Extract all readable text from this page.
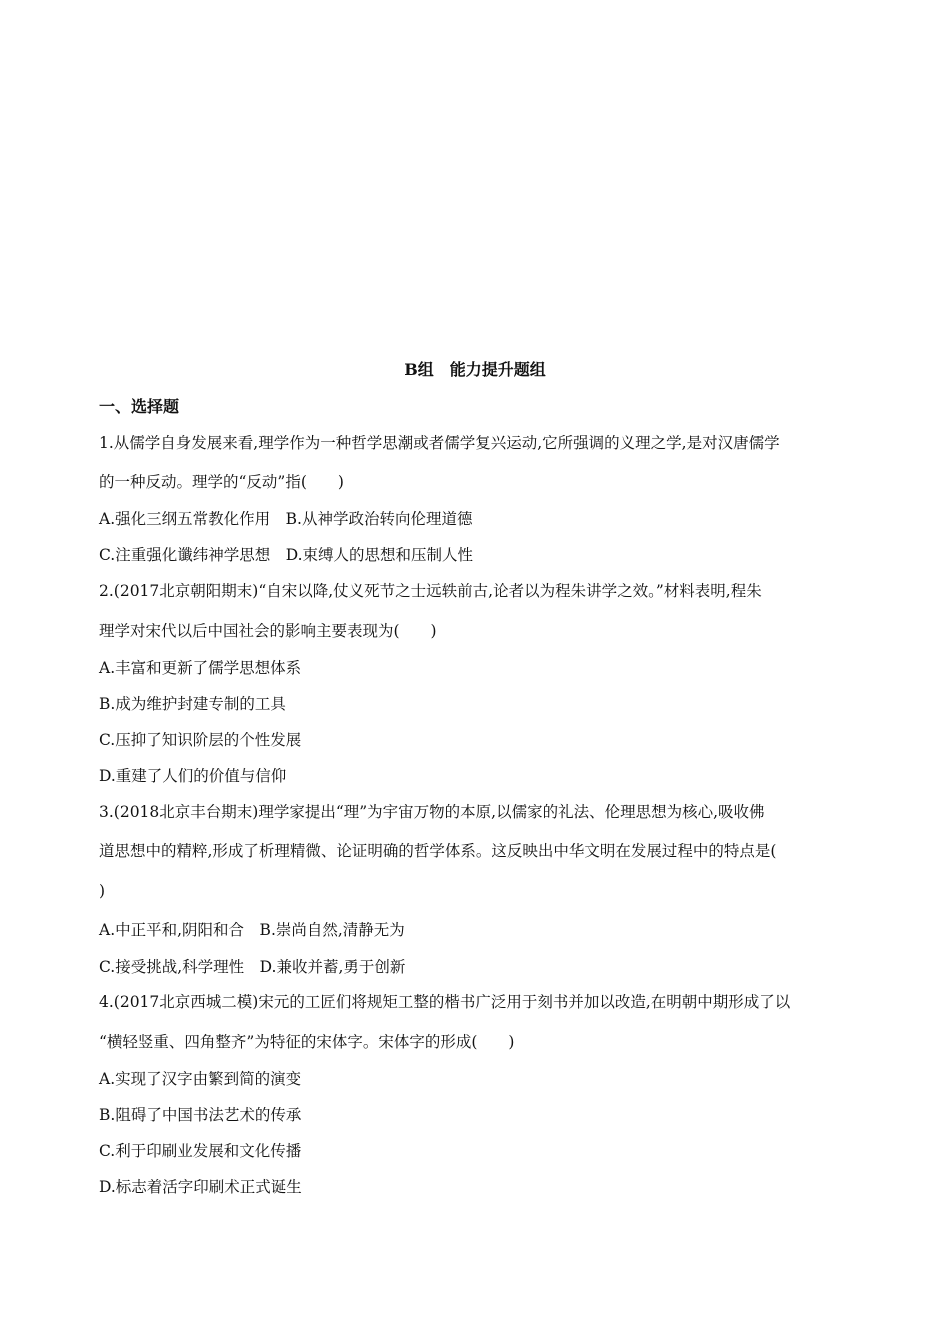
B组　能力提升题组
一、选择题
1.从儒学自身发展来看,理学作为一种哲学思潮或者儒学复兴运动,它所强调的义理之学,是对汉唐儒学
的一种反动。理学的“反动”指(　　)
A.强化三纲五常教化作用　B.从神学政治转向伦理道德
C.注重强化谶纬神学思想　D.束缚人的思想和压制人性
2.(2017北京朝阳期末)“自宋以降,仗义死节之士远轶前古,论者以为程朱讲学之效。”材料表明,程朱
理学对宋代以后中国社会的影响主要表现为(　　)
A.丰富和更新了儒学思想体系
B.成为维护封建专制的工具
C.压抑了知识阶层的个性发展
D.重建了人们的价值与信仰
3.(2018北京丰台期末)理学家提出“理”为宇宙万物的本原,以儒家的礼法、伦理思想为核心,吸收佛
道思想中的精粹,形成了析理精微、论证明确的哲学体系。这反映出中华文明在发展过程中的特点是(
)
A.中正平和,阴阳和合　B.崇尚自然,清静无为
C.接受挑战,科学理性　D.兼收并蓄,勇于创新
4.(2017北京西城二模)宋元的工匠们将规矩工整的楷书广泛用于刻书并加以改造,在明朝中期形成了以
“横轻竖重、四角整齐”为特征的宋体字。宋体字的形成(　　)
A.实现了汉字由繁到简的演变
B.阻碍了中国书法艺术的传承
C.利于印刷业发展和文化传播
D.标志着活字印刷术正式诞生
